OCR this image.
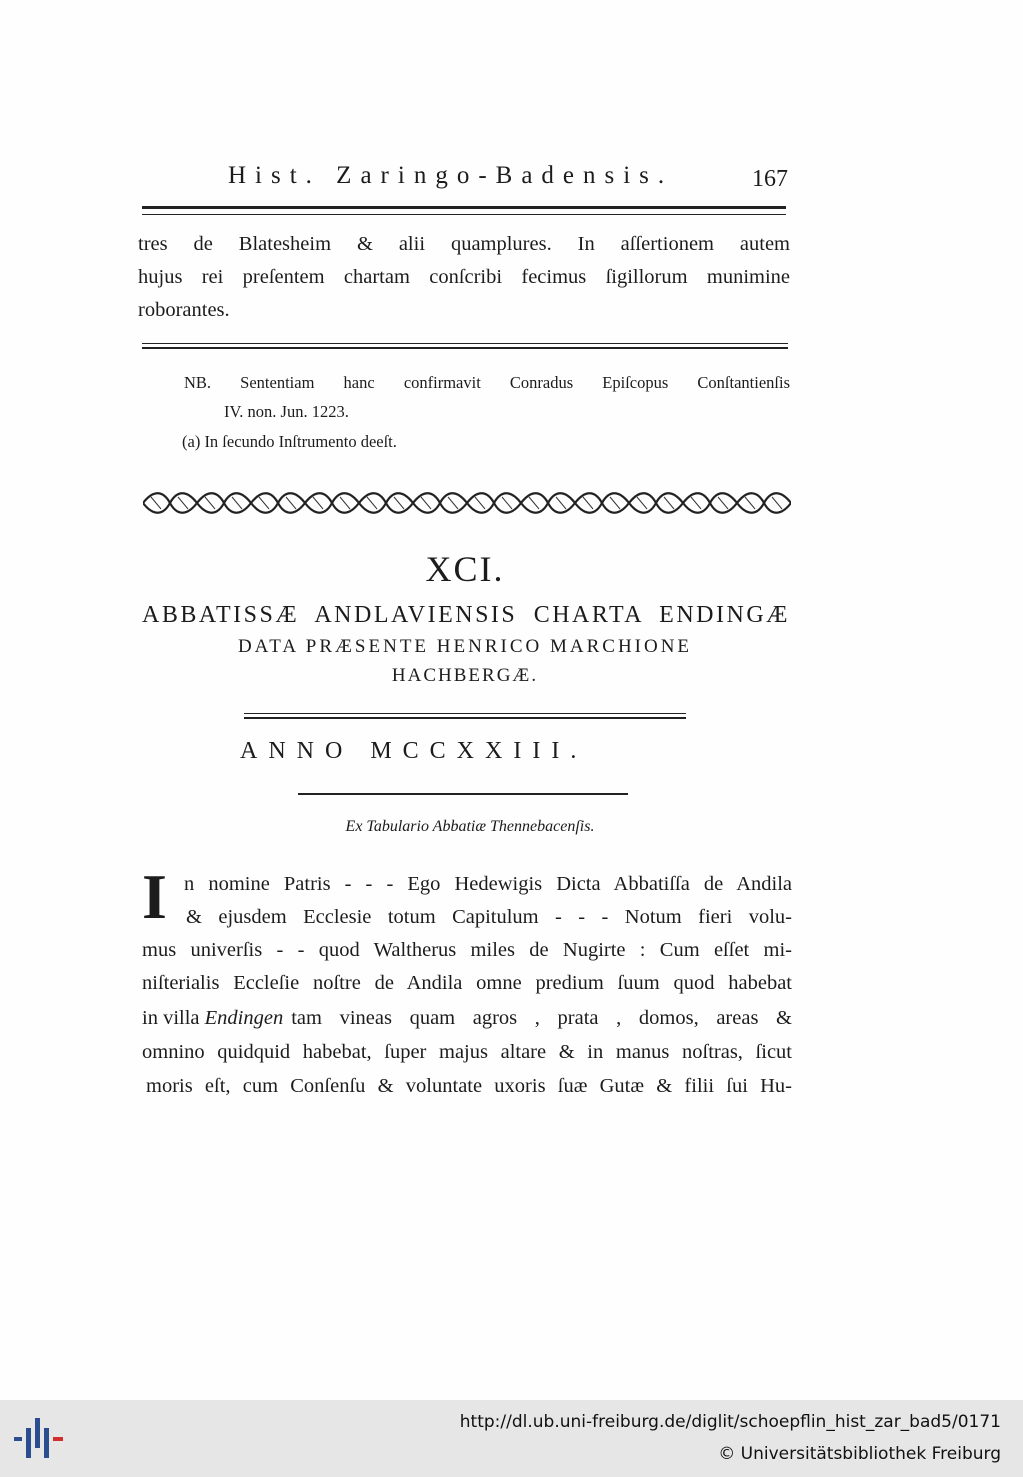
Hist. Zaringo-Badensis.	167
tres de Blatesheim & alii quamplures. In aſſertionem autem
hujus rei preſentem chartam conſcribi fecimus ſigillorum munimine
roborantes.
NB. Sententiam hanc confirmavit Conradus Epiſcopus Conſtantienſis
IV. non. Jun. 1223.
(a) In ſecundo Inſtrumento deeſt.
XCI.
ABBATISSÆ ANDLAVIENSIS CHARTA ENDINGÆ
DATA PRÆSENTE HENRICO MARCHIONE
HACHBERGÆ.
ANNO MCCXXIII.
Ex Tabulario Abbatiæ Thennebacenſis.
I n nomine Patris - - - Ego Hedewigis Dicta Abbatiſſa de Andila
& ejusdem Ecclesie totum Capitulum - - - Notum fieri volu-
mus univerſis - - quod Waltherus miles de Nugirte : Cum eſſet mi-
niſterialis Eccleſie noſtre de Andila omne predium ſuum quod habebat
in villa Endingen tam vineas quam agros , prata , domos, areas &
omnino quidquid habebat, ſuper majus altare & in manus noſtras, ſicut
moris eſt, cum Conſenſu & voluntate uxoris ſuæ Gutæ & filii ſui Hu-
http://dl.ub.uni-freiburg.de/diglit/schoepflin_hist_zar_bad5/0171
© Universitätsbibliothek Freiburg
